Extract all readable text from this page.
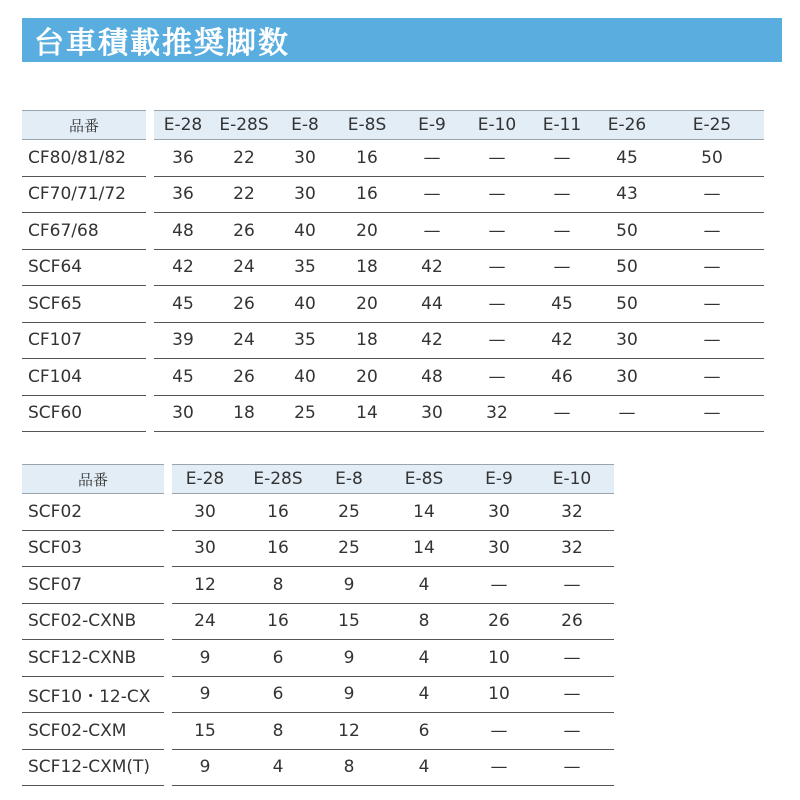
台車積載推奨脚数
品番		E-28	E-28S	E-8	E-8S	E-9	E-10	E-11	E-26	E-25
CF80/81/82		36	22	30	16	—	—	—	45	50
CF70/71/72		36	22	30	16	—	—	—	43	—
CF67/68		48	26	40	20	—	—	—	50	—
SCF64		42	24	35	18	42	—	—	50	—
SCF65		45	26	40	20	44	—	45	50	—
CF107		39	24	35	18	42	—	42	30	—
CF104		45	26	40	20	48	—	46	30	—
SCF60		30	18	25	14	30	32	—	—	—
品番		E-28	E-28S	E-8	E-8S	E-9	E-10
SCF02		30	16	25	14	30	32
SCF03		30	16	25	14	30	32
SCF07		12	8	9	4	—	—
SCF02-CXNB		24	16	15	8	26	26
SCF12-CXNB		9	6	9	4	10	—
SCF10・12-CX		9	6	9	4	10	—
SCF02-CXM		15	8	12	6	—	—
SCF12-CXM(T)		9	4	8	4	—	—
